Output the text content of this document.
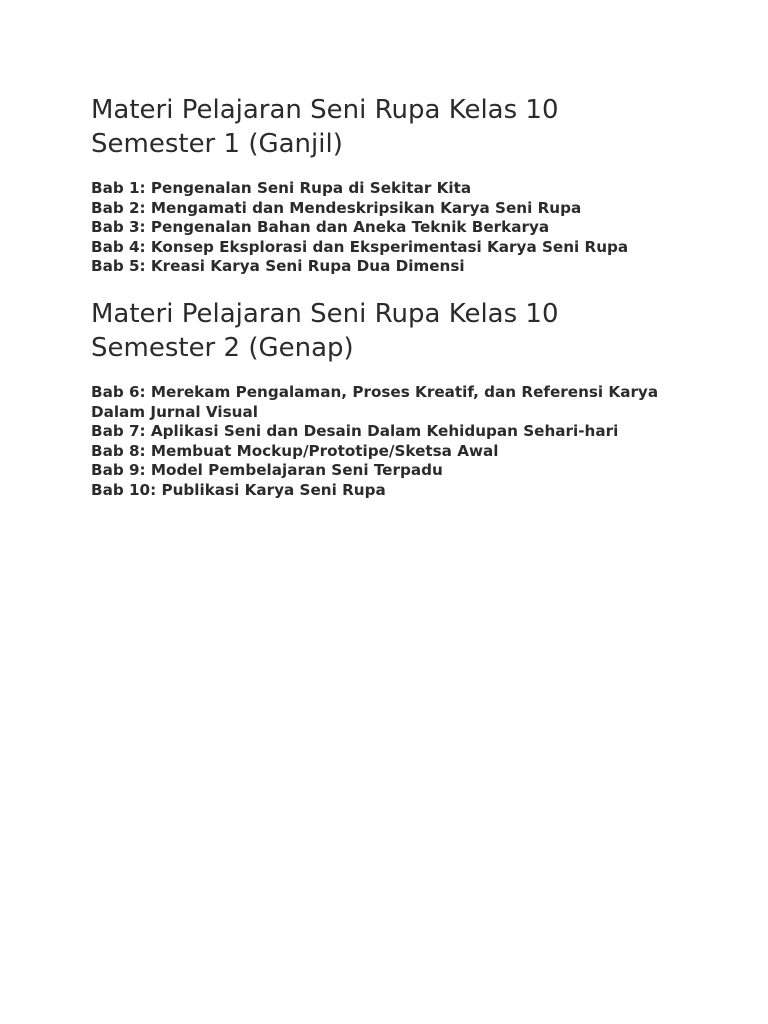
Materi Pelajaran Seni Rupa Kelas 10 Semester 1 (Ganjil)
Bab 1: Pengenalan Seni Rupa di Sekitar Kita
Bab 2: Mengamati dan Mendeskripsikan Karya Seni Rupa
Bab 3: Pengenalan Bahan dan Aneka Teknik Berkarya
Bab 4: Konsep Eksplorasi dan Eksperimentasi Karya Seni Rupa
Bab 5: Kreasi Karya Seni Rupa Dua Dimensi
Materi Pelajaran Seni Rupa Kelas 10 Semester 2 (Genap)
Bab 6: Merekam Pengalaman, Proses Kreatif, dan Referensi Karya Dalam Jurnal Visual
Bab 7: Aplikasi Seni dan Desain Dalam Kehidupan Sehari-hari
Bab 8: Membuat Mockup/Prototipe/Sketsa Awal
Bab 9: Model Pembelajaran Seni Terpadu
Bab 10: Publikasi Karya Seni Rupa
